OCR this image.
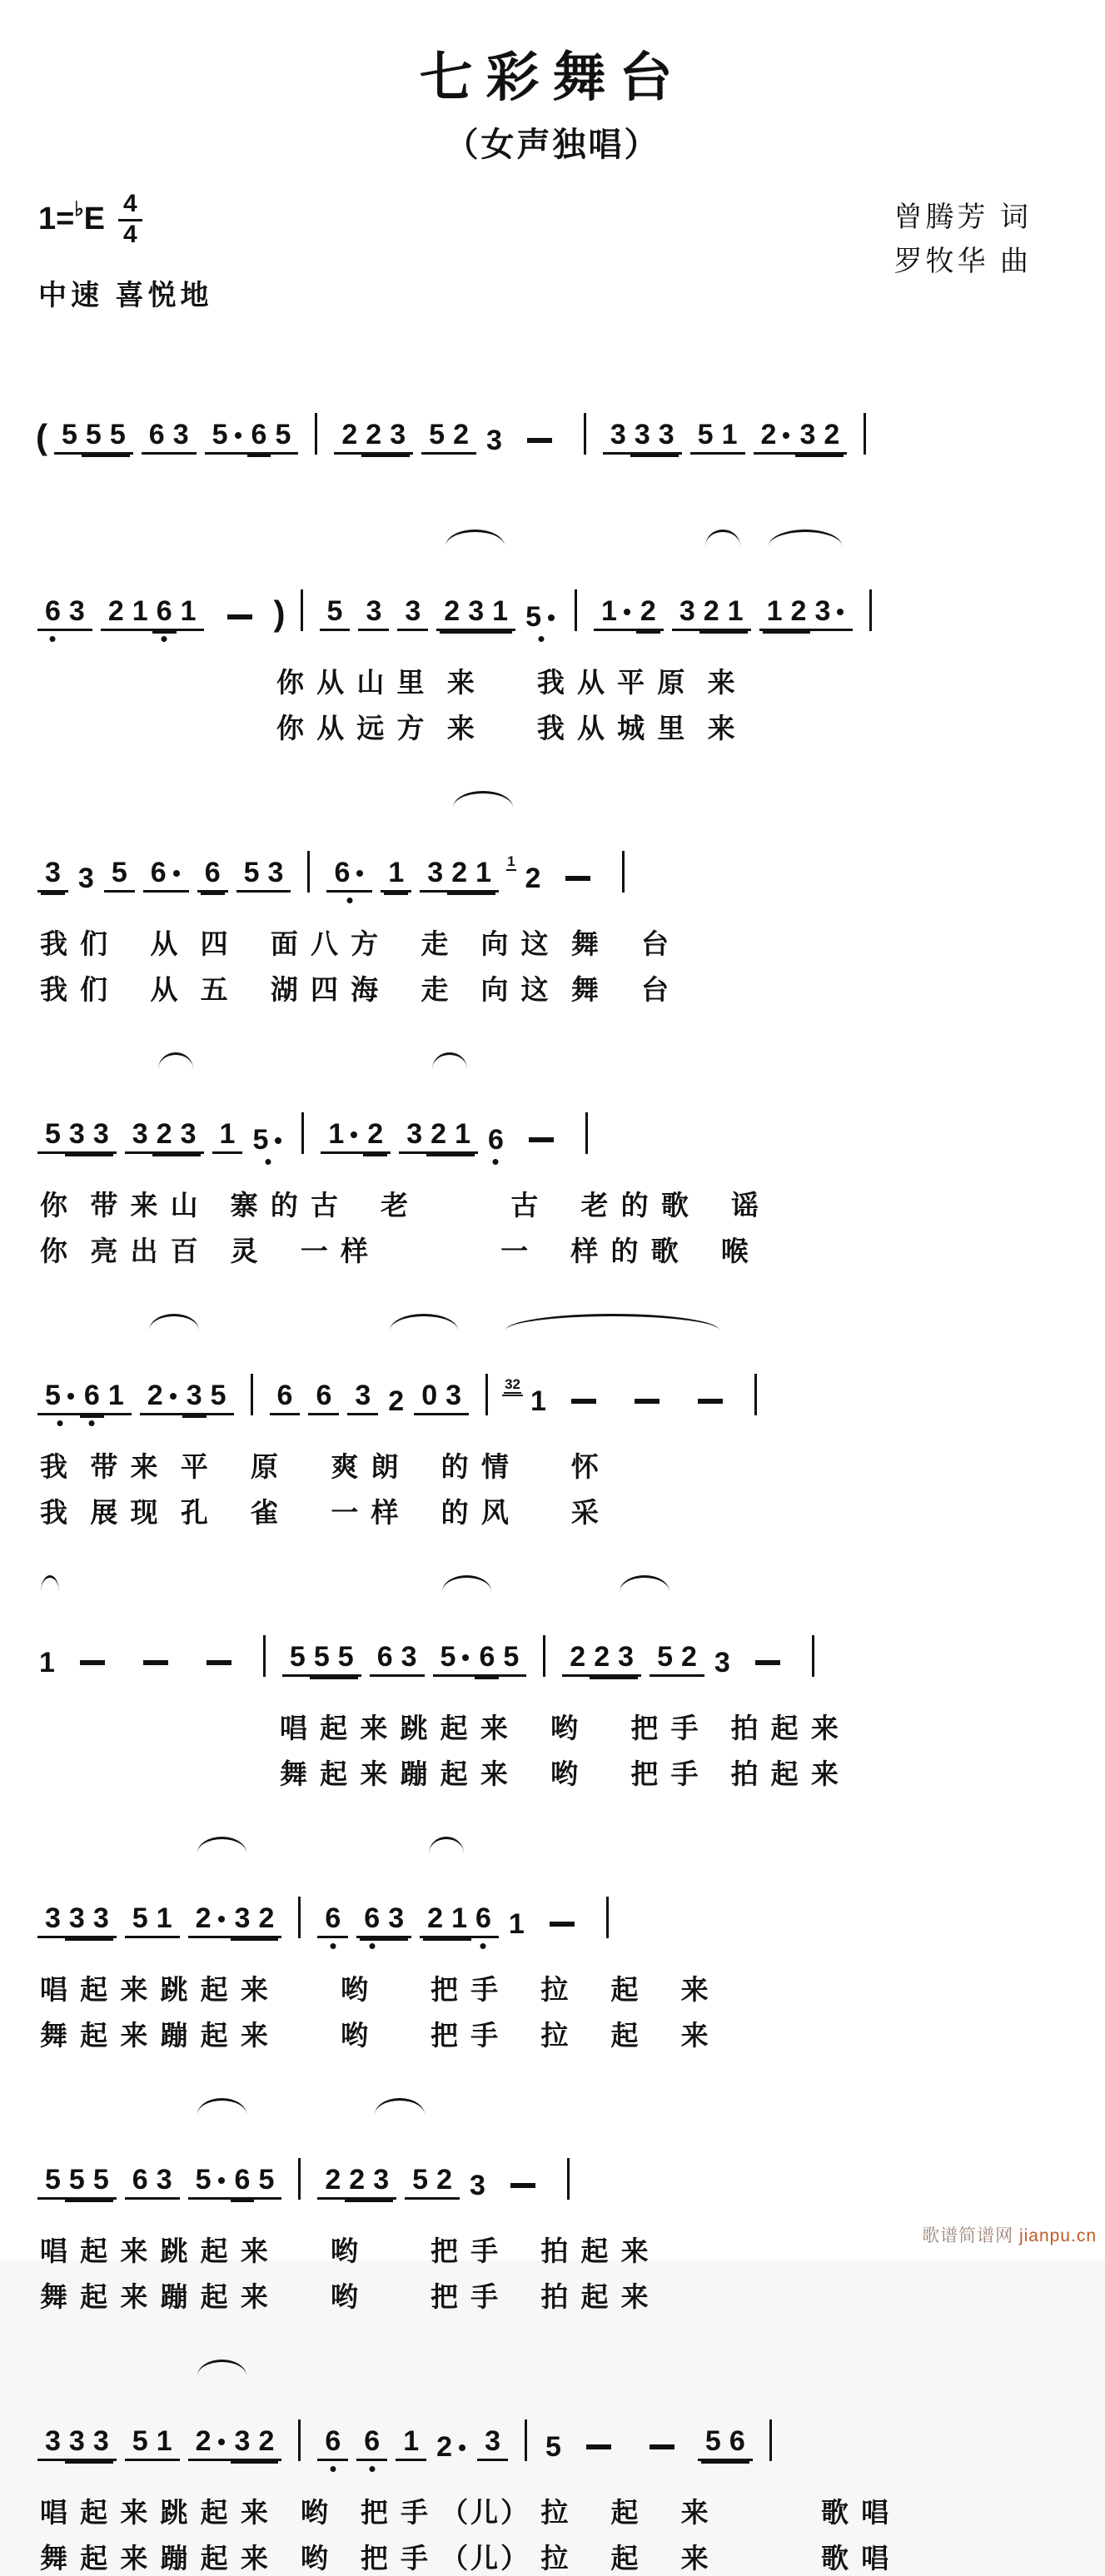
七彩舞台
（女声独唱）
1=♭ E $\frac{4}{4}$
中速 喜悦地
曾腾芳 词
罗牧华 曲
( 5 5 5 6 3 5 6 5 2 2 3 5 2 3	3 3 3 5 1 2 3 2
6 3 2 1 6 1 ) 5 3 3 2 3 1 5	1 2 3 2 1 1 2 3
你 从 山 里  来　　我 从 平 原  来
你 从 远 方  来　　我 从 城 里  来
3 3 5 6	6 5 3 6	1 3 2 1 1
2
我 们　 从  四　 面 八 方　 走　向 这  舞　 台
我 们　 从  五　 湖 四 海　 走　向 这  舞　 台
5 3 3 3 2 3 1 5	1 2 3 2 1 6
你  带 来 山　寨 的 古　 老　　　 古　 老 的 歌　 谣
你  亮 出 百　灵　 一 样　　　　 一　 样 的 歌　 喉
5 6 1 2 3 5 6 6 3 2 0 3	32
1
我  带 来  平　 原　  爽 朗　 的 情　　怀
我  展 现  孔　 雀　  一 样　 的 风　　采
1	5 5 5 6 3 5 6 5 2 2 3 5 2 3
唱 起 来 跳 起 来　 哟　  把 手　拍 起 来
舞 起 来 蹦 起 来　 哟　  把 手　拍 起 来
3 3 3 5 1 2 3 2 6 6 3 2 1 6 1
唱 起 来 跳 起 来　　 哟　　把 手　 拉　 起　 来
舞 起 来 蹦 起 来　　 哟　　把 手　 拉　 起　 来
5 5 5 6 3 5 6 5 2 2 3 5 2 3
唱 起 来 跳 起 来　　哟　　 把 手　 拍 起 来
舞 起 来 蹦 起 来　　哟　　 把 手　 拍 起 来
3 3 3 5 1 2 3 2 6 6 1 2	3 5	5 6
唱 起 来 跳 起 来　哟　把 手 （儿） 拉　 起　 来　　　  歌 唱
舞 起 来 蹦 起 来　哟　把 手 （儿） 拉　 起　 来　　　  歌 唱
歌谱简谱网 jianpu.cn
